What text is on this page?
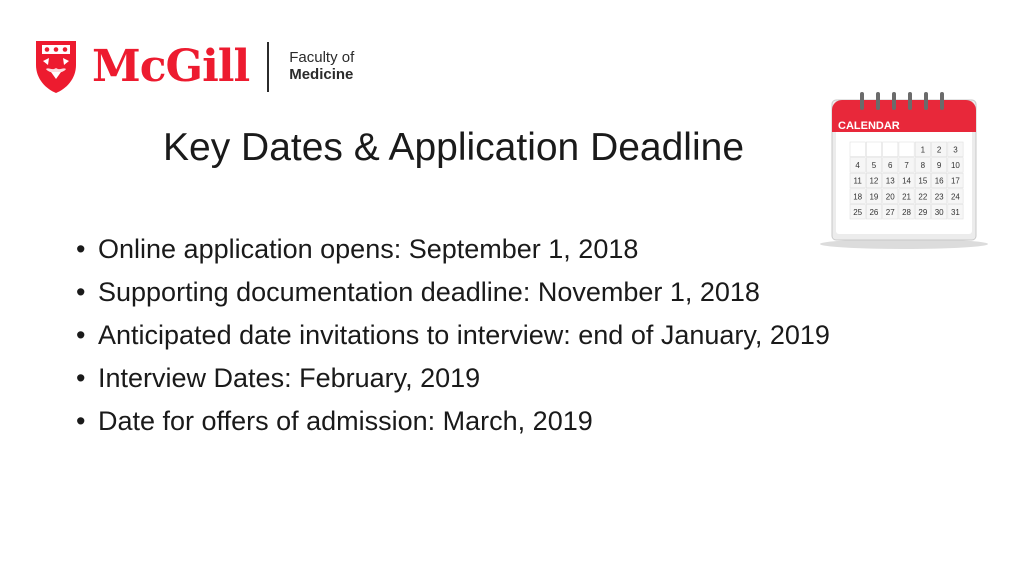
McGill	Faculty of
Medicine
Key Dates & Application Deadline
• Online application opens: September 1, 2018
• Supporting documentation deadline: November 1, 2018
• Anticipated date invitations to interview: end of January, 2019
• Interview Dates: February, 2019
• Date for offers of admission: March, 2019
CALENDAR
1 2 3
4 5 6 7 8 9 10
11 12 13 14 15 16 17
18 19 20 21 22 23 24
25 26 27 28 29 30 31
